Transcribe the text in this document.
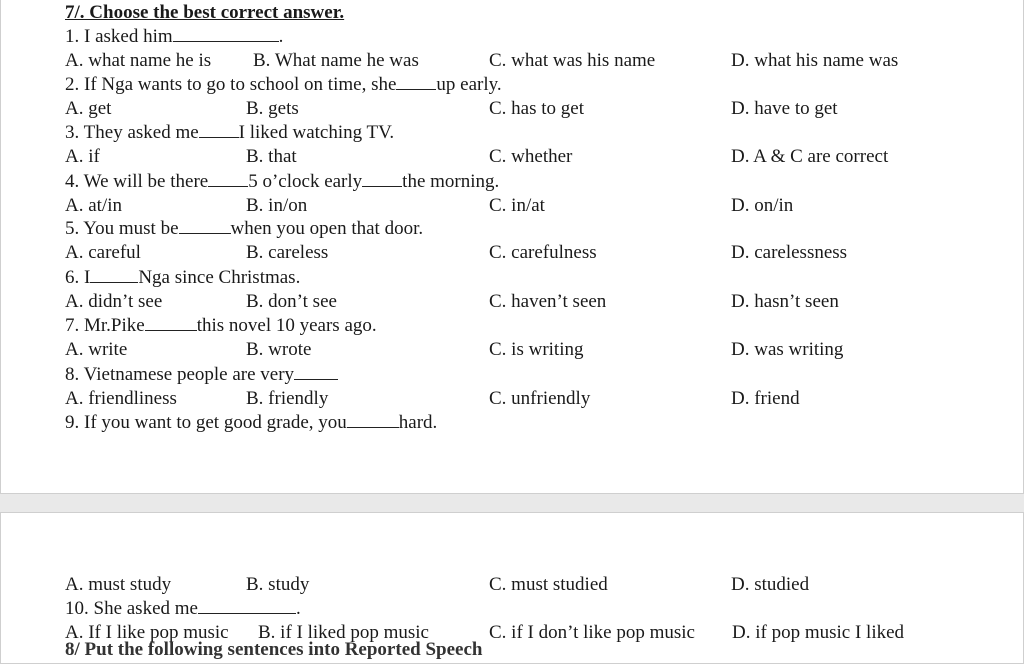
7/. Choose the best correct answer.
1. I asked him	.
A. what name he is B. What name he was	C. what was his name	D. what his name was
2. If Nga wants to go to school on time, she up early.
A. get	B. gets	C. has to get	D. have to get
3. They asked me I liked watching TV.
A. if	B. that	C. whether	D. A & C are correct
4. We will be there 5 o’clock early the morning.
A. at/in	B. in/on	C. in/at	D. on/in
5. You must be	when you open that door.
A. careful	B. careless	C. carefulness	D. carelessness
6. I	Nga since Christmas.
A. didn’t see	B. don’t see	C. haven’t seen	D. hasn’t seen
7. Mr.Pike	this novel 10 years ago.
A. write	B. wrote	C. is writing	D. was writing
8. Vietnamese people are very
A. friendliness	B. friendly	C. unfriendly	D. friend
9. If you want to get good grade, you	hard.
A. must study	B. study	C. must studied	D. studied
10. She asked me	.
A. If I like pop music B. if I liked pop music	C. if I don’t like pop music D. if pop music I liked
8/ Put the following sentences into Reported Speech
